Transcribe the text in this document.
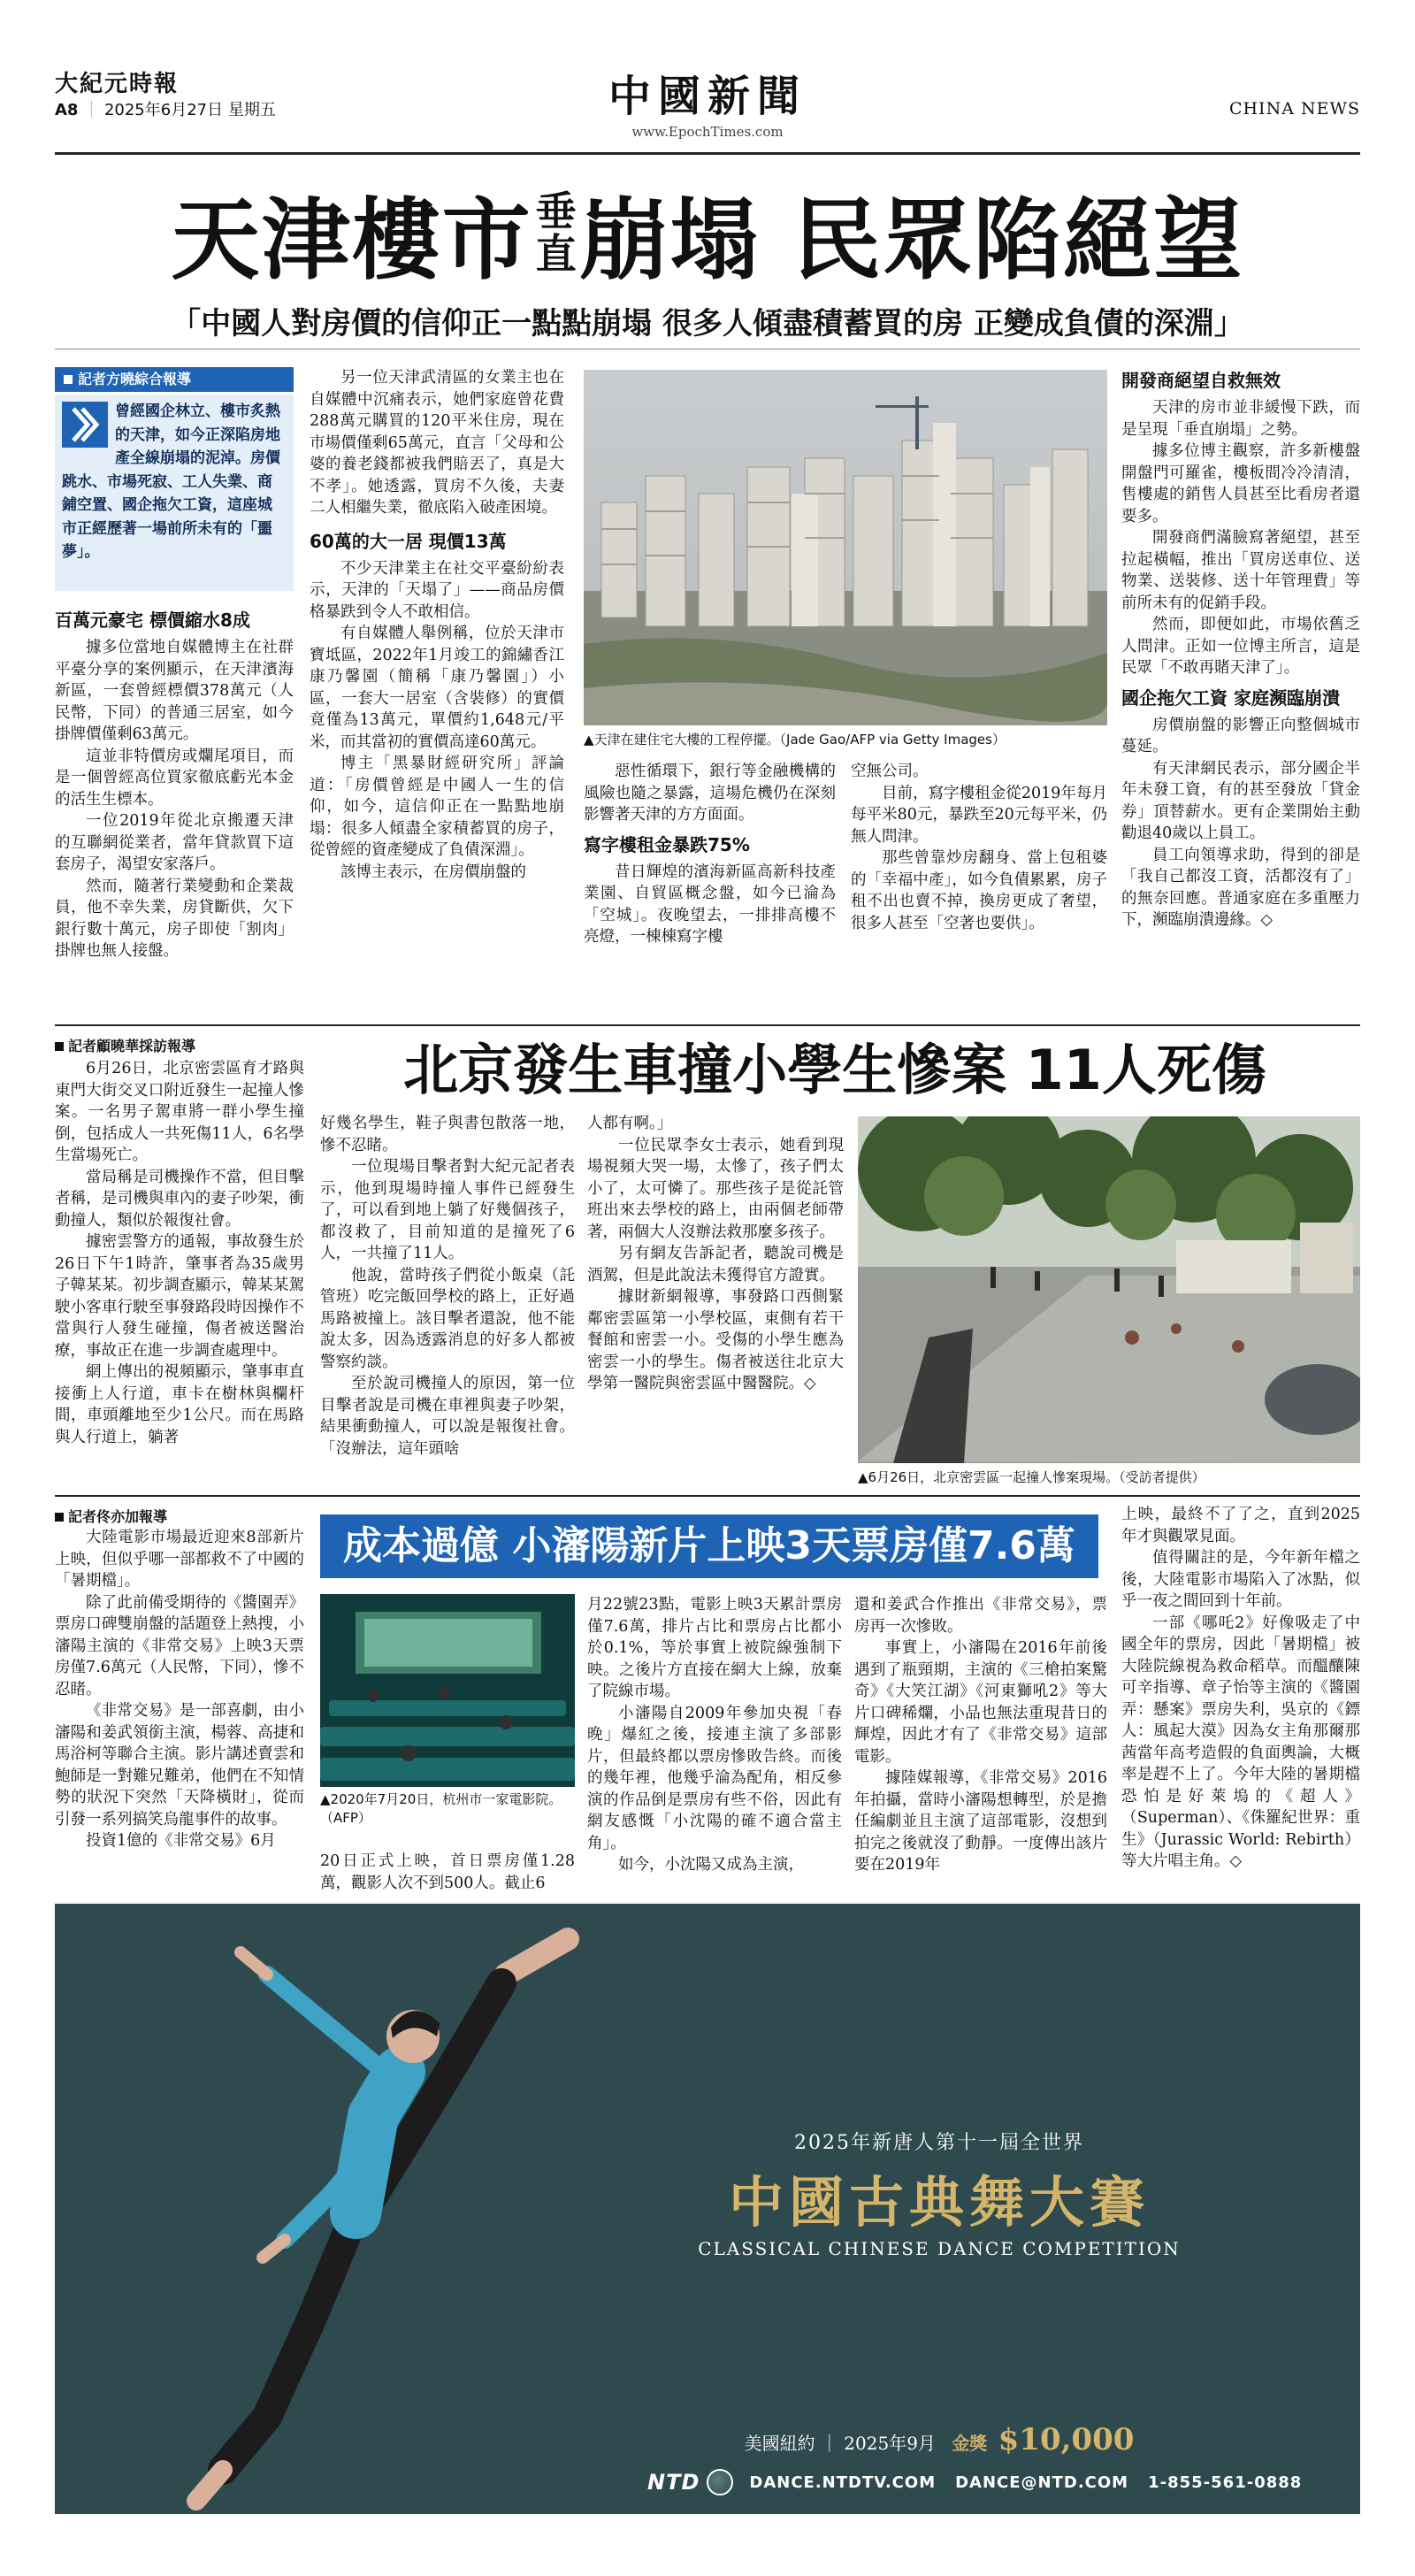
大紀元時報
A8 ｜ 2025年6月27日 星期五	中國新聞
www.EpochTimes.com
CHINA NEWS
天津樓市 垂
直 崩塌 民眾陷絕望
「中國人對房價的信仰正一點點崩塌 很多人傾盡積蓄買的房 正變成負債的深淵」
記者方曉綜合報導
曾經國企林立、樓市炙熱的天津，如今正深陷房地產全線崩塌的泥淖。房價跳水、市場死寂、工人失業、商鋪空置、國企拖欠工資，這座城市正經歷著一場前所未有的「噩夢」。
百萬元豪宅 標價縮水8成

據多位當地自媒體博主在社群平臺分享的案例顯示，在天津濱海新區，一套曾經標價378萬元（人民幣，下同）的普通三居室，如今掛牌價僅剩63萬元。

這並非特價房或爛尾項目，而是一個曾經高位買家徹底虧光本金的活生生標本。

一位2019年從北京搬遷天津的互聯網從業者，當年貸款買下這套房子，渴望安家落戶。

然而，隨著行業變動和企業裁員，他不幸失業，房貸斷供，欠下銀行數十萬元，房子即使「割肉」掛牌也無人接盤。

另一位天津武清區的女業主也在自媒體中沉痛表示，她們家庭曾花費288萬元購買的120平米住房，現在市場價僅剩65萬元，直言「父母和公婆的養老錢都被我們賠丟了，真是大不孝」。她透露，買房不久後，夫妻二人相繼失業，徹底陷入破產困境。

60萬的大一居 現價13萬

不少天津業主在社交平臺紛紛表示，天津的「天塌了」——商品房價格暴跌到令人不敢相信。

有自媒體人舉例稱，位於天津市寶坻區，2022年1月竣工的錦繡香江康乃馨園（簡稱「康乃馨園」）小區，一套大一居室（含裝修）的實價竟僅為13萬元，單價約1,648元/平米，而其當初的實價高達60萬元。

博主「黑暴財經研究所」評論道：「房價曾經是中國人一生的信仰，如今，這信仰正在一點點地崩塌：很多人傾盡全家積蓄買的房子，從曾經的資產變成了負債深淵」。

該博主表示，在房價崩盤的

▲天津在建住宅大樓的工程停擺。（Jade Gao/AFP via Getty Images）

惡性循環下，銀行等金融機構的風險也隨之暴露，這場危機仍在深刻影響著天津的方方面面。

寫字樓租金暴跌75%

昔日輝煌的濱海新區高新科技產業園、自貿區概念盤，如今已淪為「空城」。夜晚望去，一排排高樓不亮燈，一棟棟寫字樓

空無公司。

目前，寫字樓租金從2019年每月每平米80元，暴跌至20元每平米，仍無人問津。

那些曾靠炒房翻身、當上包租婆的「幸福中產」，如今負債累累，房子租不出也賣不掉，換房更成了奢望，很多人甚至「空著也要供」。

開發商絕望自救無效

天津的房市並非緩慢下跌，而是呈現「垂直崩塌」之勢。

據多位博主觀察，許多新樓盤開盤門可羅雀，樓板間冷冷清清，售樓處的銷售人員甚至比看房者還要多。

開發商們滿臉寫著絕望，甚至拉起橫幅，推出「買房送車位、送物業、送裝修、送十年管理費」等前所未有的促銷手段。

然而，即便如此，市場依舊乏人問津。正如一位博主所言，這是民眾「不敢再賭天津了」。

國企拖欠工資 家庭瀕臨崩潰

房價崩盤的影響正向整個城市蔓延。

有天津網民表示，部分國企半年未發工資，有的甚至發放「貸金券」頂替薪水。更有企業開始主動勸退40歲以上員工。

員工向領導求助，得到的卻是「我自己都沒工資，活都沒有了」的無奈回應。普通家庭在多重壓力下，瀕臨崩潰邊緣。◇

記者顧曉華採訪報導	北京發生車撞小學生慘案 11人死傷

6月26日，北京密雲區育才路與東門大街交叉口附近發生一起撞人慘案。一名男子駕車將一群小學生撞倒，包括成人一共死傷11人，6名學生當場死亡。

當局稱是司機操作不當，但目擊者稱，是司機與車內的妻子吵架，衝動撞人，類似於報復社會。

據密雲警方的通報，事故發生於26日下午1時許，肇事者為35歲男子韓某某。初步調查顯示，韓某某駕駛小客車行駛至事發路段時因操作不當與行人發生碰撞，傷者被送醫治療，事故正在進一步調查處理中。

網上傳出的視頻顯示，肇事車直接衝上人行道，車卡在樹林與欄杆間，車頭離地至少1公尺。而在馬路與人行道上，躺著

好幾名學生，鞋子與書包散落一地，慘不忍睹。

一位現場目擊者對大紀元記者表示，他到現場時撞人事件已經發生了，可以看到地上躺了好幾個孩子，都沒救了，目前知道的是撞死了6人，一共撞了11人。

他說，當時孩子們從小飯桌（託管班）吃完飯回學校的路上，正好過馬路被撞上。該目擊者還說，他不能說太多，因為透露消息的好多人都被警察約談。

至於說司機撞人的原因，第一位目擊者說是司機在車裡與妻子吵架，結果衝動撞人，可以說是報復社會。「沒辦法，這年頭啥

人都有啊。」

一位民眾李女士表示，她看到現場視頻大哭一場，太慘了，孩子們太小了，太可憐了。那些孩子是從託管班出來去學校的路上，由兩個老師帶著，兩個大人沒辦法救那麼多孩子。

另有網友告訴記者，聽說司機是酒駕，但是此說法未獲得官方證實。

據財新網報導，事發路口西側緊鄰密雲區第一小學校區，東側有若干餐館和密雲一小。受傷的小學生應為密雲一小的學生。傷者被送往北京大學第一醫院與密雲區中醫醫院。◇

▲6月26日，北京密雲區一起撞人慘案現場。（受訪者提供）
記者佟亦加報導
成本過億 小瀋陽新片上映3天票房僅7.6萬

大陸電影市場最近迎來8部新片上映，但似乎哪一部都救不了中國的「暑期檔」。

除了此前備受期待的《醬園弄》票房口碑雙崩盤的話題登上熱搜，小瀋陽主演的《非常交易》上映3天票房僅7.6萬元（人民幣，下同），慘不忍睹。

《非常交易》是一部喜劇，由小瀋陽和姜武領銜主演，楊蓉、高捷和馬浴柯等聯合主演。影片講述賣雲和鮑師是一對難兄難弟，他們在不知情勢的狀況下突然「天降橫財」，從而引發一系列搞笑烏龍事件的故事。

投資1億的《非常交易》6月

▲2020年7月20日，杭州市一家電影院。（AFP）

20日正式上映，首日票房僅1.28萬，觀影人次不到500人。截止6

月22號23點，電影上映3天累計票房僅7.6萬，排片占比和票房占比都小於0.1%，等於事實上被院線強制下映。之後片方直接在網大上線，放棄了院線市場。

小瀋陽自2009年參加央視「春晚」爆紅之後，接連主演了多部影片，但最終都以票房慘敗告終。而後的幾年裡，他幾乎淪為配角，相反參演的作品倒是票房有些不俗，因此有網友感慨「小沈陽的確不適合當主角」。

如今，小沈陽又成為主演，

還和姜武合作推出《非常交易》，票房再一次慘敗。

事實上，小瀋陽在2016年前後遇到了瓶頸期，主演的《三槍拍案驚奇》《大笑江湖》《河東獅吼2》等大片口碑稀爛，小品也無法重現昔日的輝煌，因此才有了《非常交易》這部電影。

據陸媒報導，《非常交易》2016年拍攝，當時小瀋陽想轉型，於是擔任編劇並且主演了這部電影，沒想到拍完之後就沒了動靜。一度傳出該片要在2019年

上映，最終不了了之，直到2025年才與觀眾見面。

值得關註的是，今年新年檔之後，大陸電影市場陷入了冰點，似乎一夜之間回到十年前。

一部《哪吒2》好像吸走了中國全年的票房，因此「暑期檔」被大陸院線視為救命稻草。而醞釀陳可辛指導、章子怡等主演的《醬園弄：懸案》票房失利，吳京的《鏢人：風起大漠》因為女主角那爾那茜當年高考造假的負面輿論，大概率是趕不上了。今年大陸的暑期檔恐怕是好萊塢的《超人》（Superman）、《侏羅紀世界：重生》（Jurassic World: Rebirth）等大片唱主角。◇

2025年新唐人第十一屆全世界
中國古典舞大賽
CLASSICAL CHINESE DANCE COMPETITION
美國紐約 ｜ 2025年9月 金獎 $10,000
NTD	DANCE.NTDTV.COM DANCE@NTD.COM 1-855-561-0888
